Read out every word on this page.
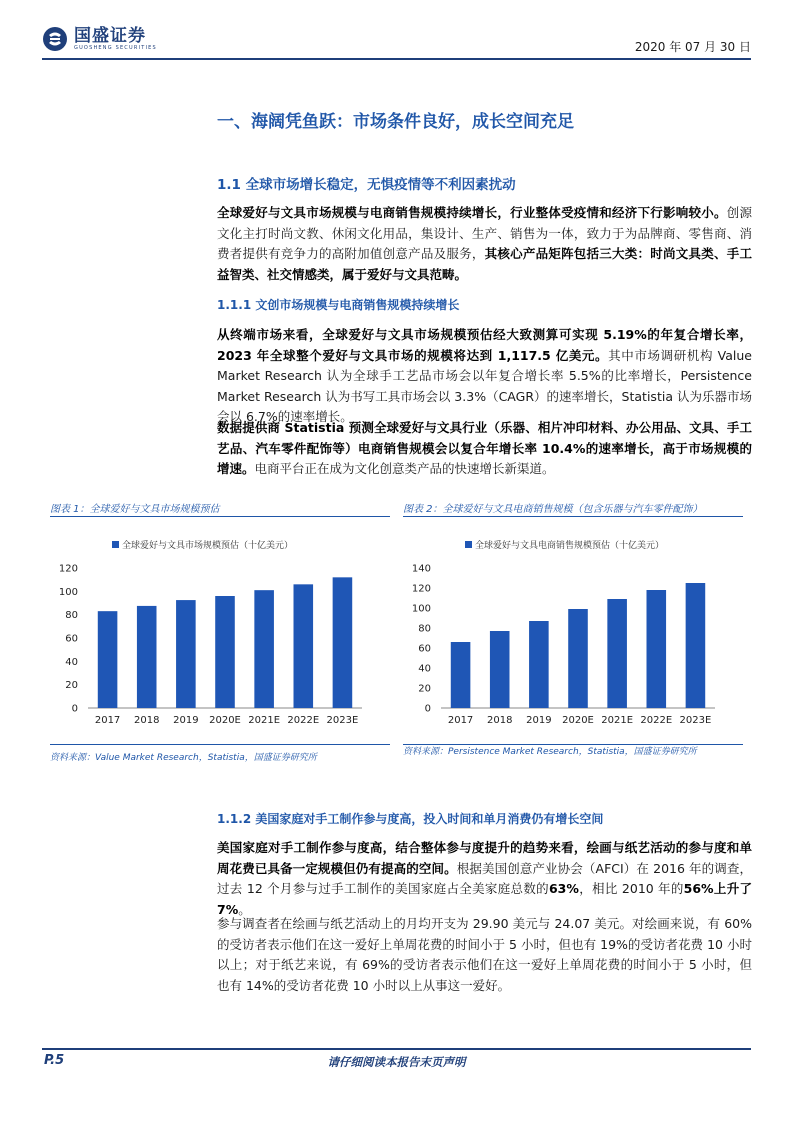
国盛证券
GUOSHENG SECURITIES	2020 年 07 月 30 日
一、海阔凭鱼跃：市场条件良好，成长空间充足
1.1 全球市场增长稳定，无惧疫情等不利因素扰动
全球爱好与文具市场规模与电商销售规模持续增长，行业整体受疫情和经济下行影响较小。创源文化主打时尚文教、休闲文化用品，集设计、生产、销售为一体，致力于为品牌商、零售商、消费者提供有竞争力的高附加值创意产品及服务，其核心产品矩阵包括三大类：时尚文具类、手工益智类、社交情感类，属于爱好与文具范畴。
1.1.1 文创市场规模与电商销售规模持续增长
从终端市场来看，全球爱好与文具市场规模预估经大致测算可实现 5.19%的年复合增长率，2023 年全球整个爱好与文具市场的规模将达到 1,117.5 亿美元。其中市场调研机构 Value Market Research 认为全球手工艺品市场会以年复合增长率 5.5%的比率增长，Persistence Market Research 认为书写工具市场会以 3.3%（CAGR）的速率增长，Statistia 认为乐器市场会以 6.7%的速率增长。
数据提供商 Statistia 预测全球爱好与文具行业（乐器、相片冲印材料、办公用品、文具、手工艺品、汽车零件配饰等）电商销售规模会以复合年增长率 10.4%的速率增长，高于市场规模的增速。电商平台正在成为文化创意类产品的快速增长新渠道。
图表 1：全球爱好与文具市场规模预估
全球爱好与文具市场规模预估（十亿美元）
0
20
40
60
80
100
120
2017 2018 2019 2020E 2021E 2022E 2023E
资料来源：Value Market Research，Statistia，国盛证券研究所
图表 2：全球爱好与文具电商销售规模（包含乐器与汽车零件配饰）
全球爱好与文具电商销售规模预估（十亿美元）
0
20
40
60
80
100
120
140
2017 2018 2019 2020E 2021E 2022E 2023E
资料来源：Persistence Market Research，Statistia，国盛证券研究所
1.1.2 美国家庭对手工制作参与度高，投入时间和单月消费仍有增长空间
美国家庭对手工制作参与度高，结合整体参与度提升的趋势来看，绘画与纸艺活动的参与度和单周花费已具备一定规模但仍有提高的空间。根据美国创意产业协会（AFCI）在 2016 年的调查，过去 12 个月参与过手工制作的美国家庭占全美家庭总数的63%，相比 2010 年的56%上升了 7%。
参与调查者在绘画与纸艺活动上的月均开支为 29.90 美元与 24.07 美元。对绘画来说，有 60%的受访者表示他们在这一爱好上单周花费的时间小于 5 小时，但也有 19%的受访者花费 10 小时以上；对于纸艺来说，有 69%的受访者表示他们在这一爱好上单周花费的时间小于 5 小时，但也有 14%的受访者花费 10 小时以上从事这一爱好。
P.5	请仔细阅读本报告末页声明
